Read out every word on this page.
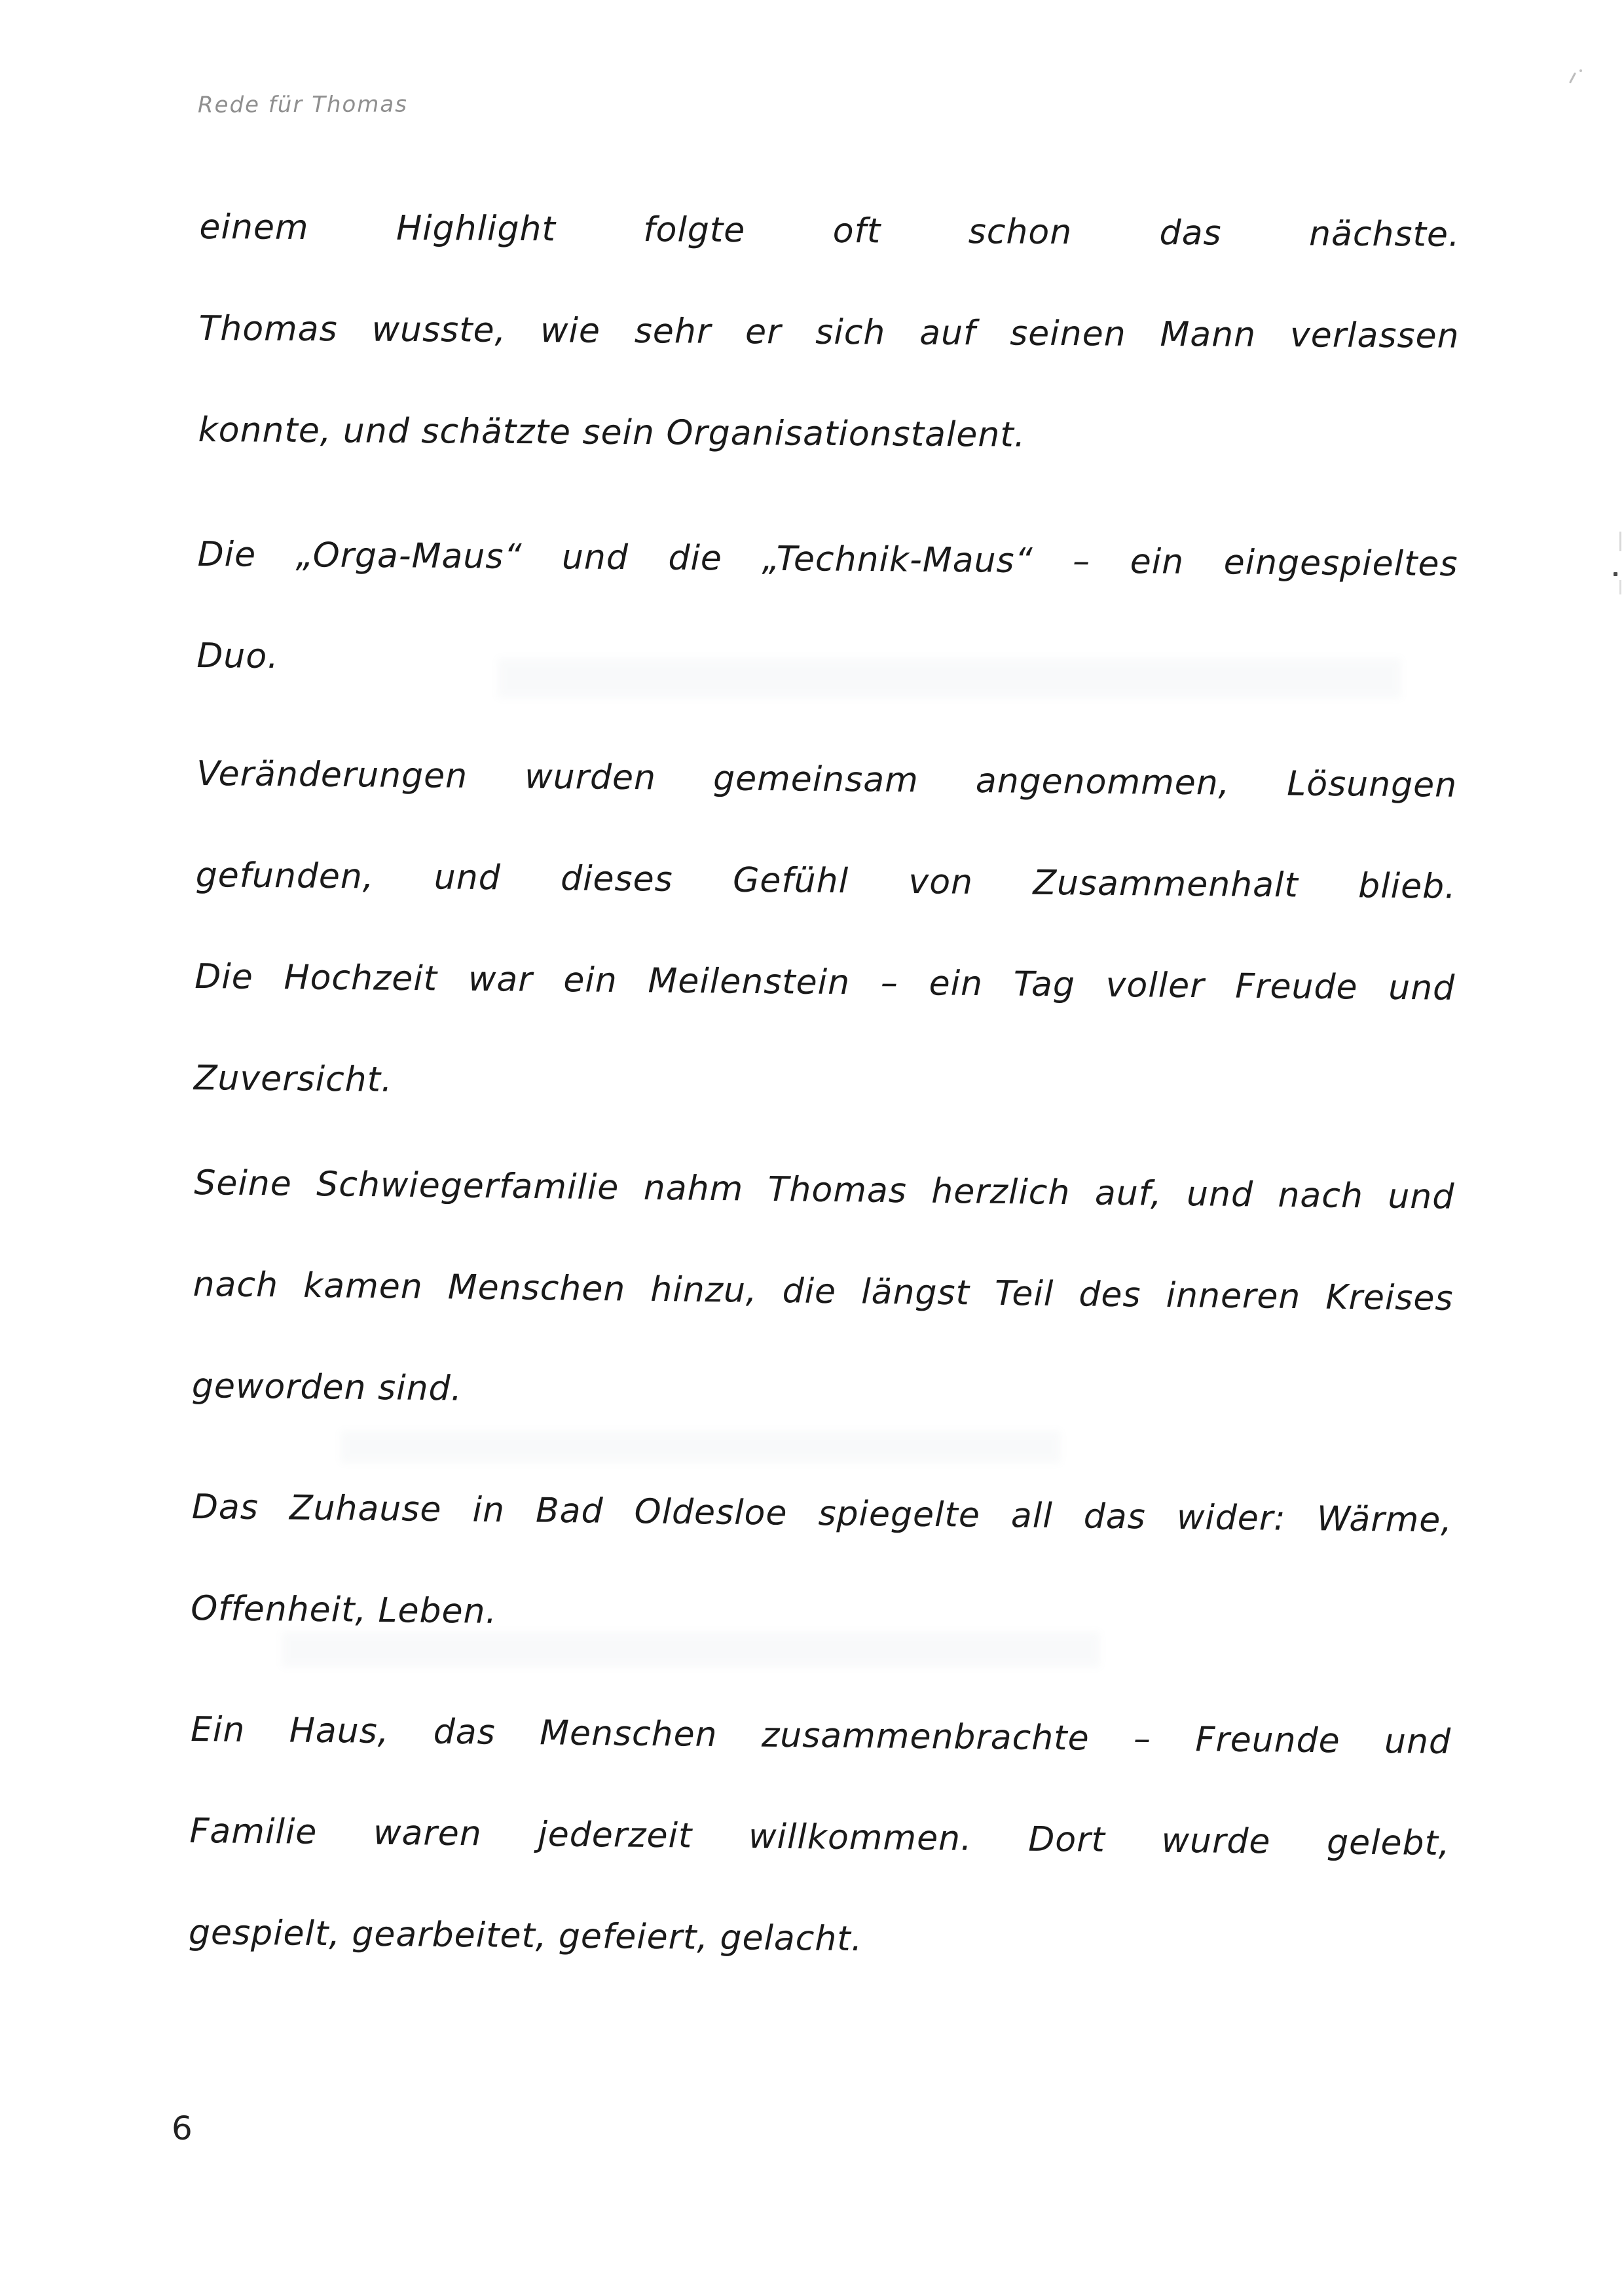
Rede für Thomas
einem Highlight folgte oft schon das nächste.
Thomas wusste, wie sehr er sich auf seinen Mann verlassen
konnte, und schätzte sein Organisationstalent.
Die „Orga-Maus“ und die „Technik-Maus“ – ein eingespieltes
Duo.
Veränderungen wurden gemeinsam angenommen, Lösungen
gefunden, und dieses Gefühl von Zusammenhalt blieb.
Die Hochzeit war ein Meilenstein – ein Tag voller Freude und
Zuversicht.
Seine Schwiegerfamilie nahm Thomas herzlich auf, und nach und
nach kamen Menschen hinzu, die längst Teil des inneren Kreises
geworden sind.
Das Zuhause in Bad Oldesloe spiegelte all das wider: Wärme,
Offenheit, Leben.
Ein Haus, das Menschen zusammenbrachte – Freunde und
Familie waren jederzeit willkommen. Dort wurde gelebt,
gespielt, gearbeitet, gefeiert, gelacht.
6
